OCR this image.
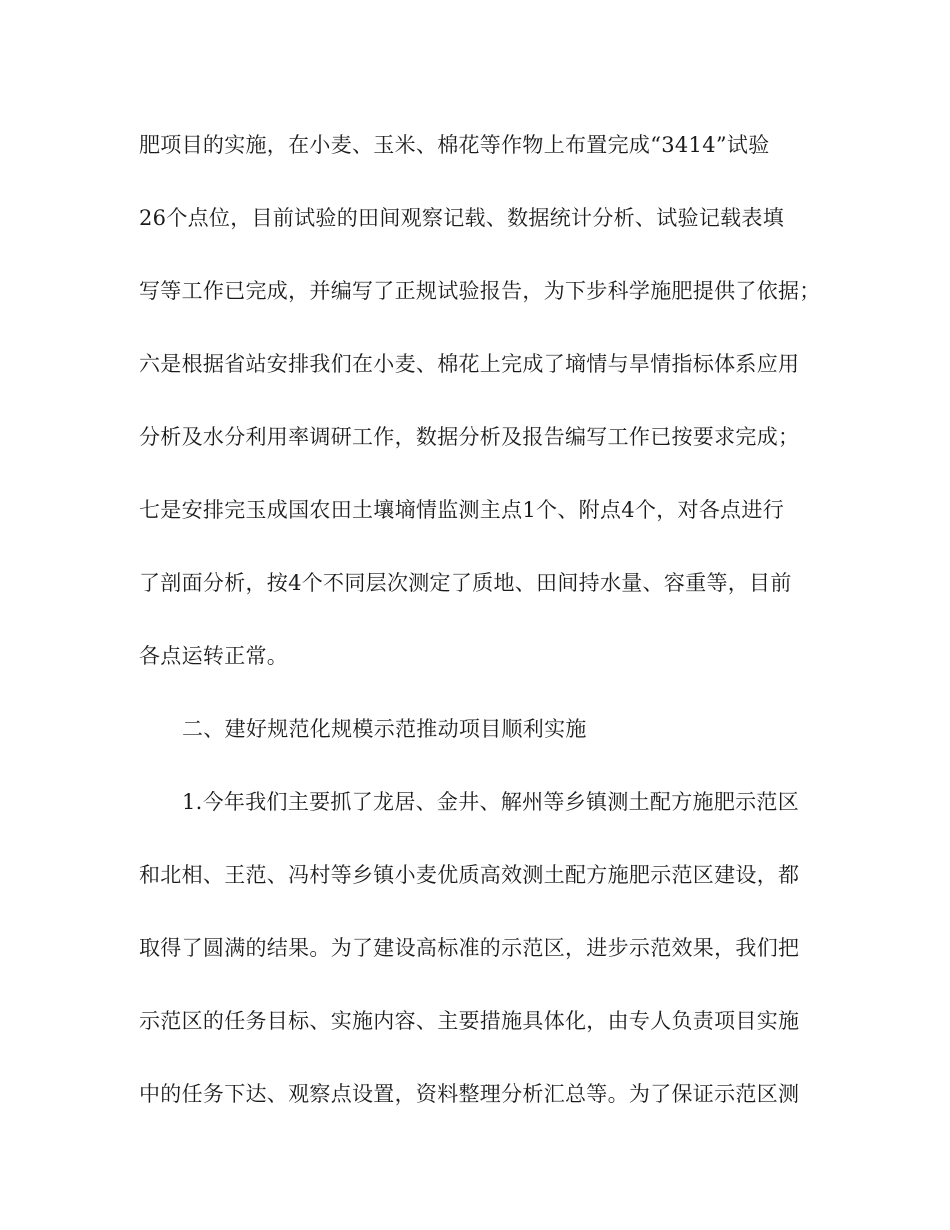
肥项目的实施，在小麦、玉米、棉花等作物上布置完成“3414”试验
26个点位，目前试验的田间观察记载、数据统计分析、试验记载表填
写等工作已完成，并编写了正规试验报告，为下步科学施肥提供了依据；
六是根据省站安排我们在小麦、棉花上完成了墒情与旱情指标体系应用
分析及水分利用率调研工作，数据分析及报告编写工作已按要求完成；
七是安排完玉成国农田土壤墒情监测主点1个、附点4个，对各点进行
了剖面分析，按4个不同层次测定了质地、田间持水量、容重等，目前
各点运转正常。
二、建好规范化规模示范推动项目顺利实施
1.今年我们主要抓了龙居、金井、解州等乡镇测土配方施肥示范区
和北相、王范、冯村等乡镇小麦优质高效测土配方施肥示范区建设，都
取得了圆满的结果。为了建设高标准的示范区，进步示范效果，我们把
示范区的任务目标、实施内容、主要措施具体化，由专人负责项目实施
中的任务下达、观察点设置，资料整理分析汇总等。为了保证示范区测
